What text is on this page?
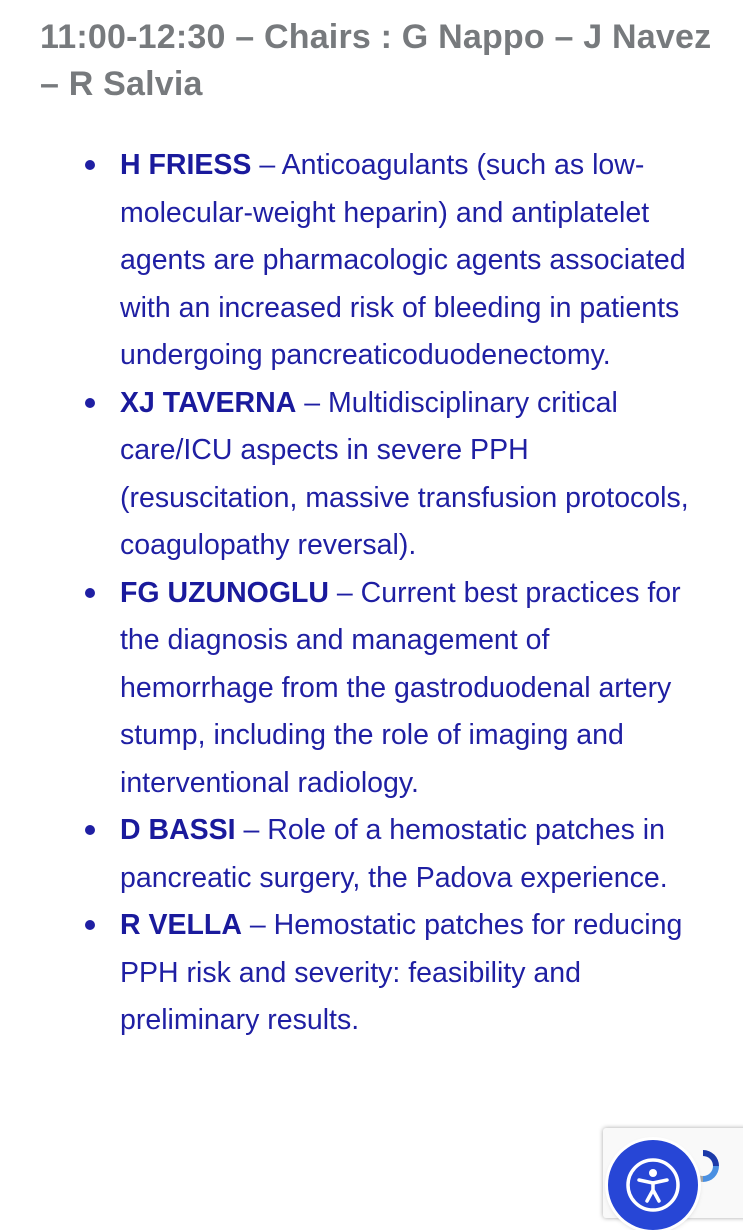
11:00-12:30 – Chairs : G Nappo – J Navez – R Salvia
H FRIESS – Anticoagulants (such as low-molecular-weight heparin) and antiplatelet agents are pharmacologic agents associated with an increased risk of bleeding in patients undergoing pancreaticoduodenectomy.
XJ TAVERNA – Multidisciplinary critical care/ICU aspects in severe PPH (resuscitation, massive transfusion protocols, coagulopathy reversal).
FG UZUNOGLU – Current best practices for the diagnosis and management of hemorrhage from the gastroduodenal artery stump, including the role of imaging and interventional radiology.
D BASSI – Role of a hemostatic patches in pancreatic surgery, the Padova experience.
R VELLA – Hemostatic patches for reducing PPH risk and severity: feasibility and preliminary results.
